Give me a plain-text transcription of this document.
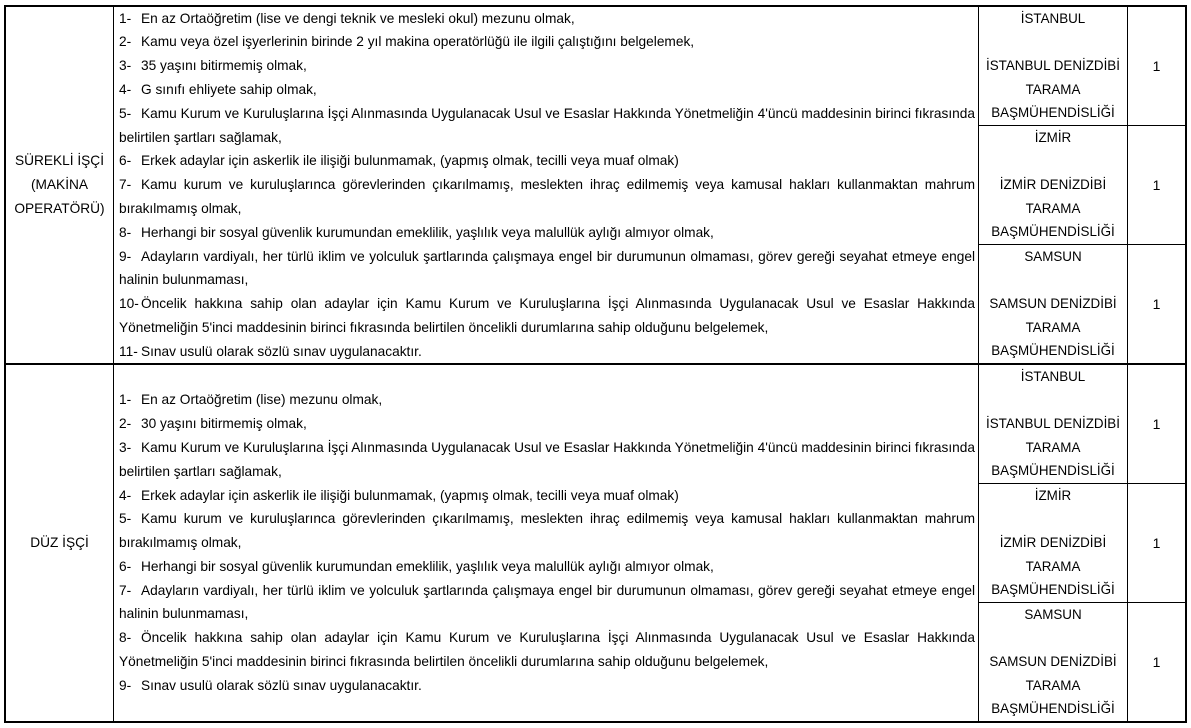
SÜREKLİ İŞÇİ (MAKİNA OPERATÖRÜ)
1- En az Ortaöğretim (lise ve dengi teknik ve mesleki okul) mezunu olmak,
2- Kamu veya özel işyerlerinin birinde 2 yıl makina operatörlüğü ile ilgili çalıştığını belgelemek,
3- 35 yaşını bitirmemiş olmak,
4- G sınıfı ehliyete sahip olmak,
5- Kamu Kurum ve Kuruluşlarına İşçi Alınmasında Uygulanacak Usul ve Esaslar Hakkında Yönetmeliğin 4'üncü maddesinin birinci fıkrasında belirtilen şartları sağlamak,
6- Erkek adaylar için askerlik ile ilişiği bulunmamak, (yapmış olmak, tecilli veya muaf olmak)
7- Kamu kurum ve kuruluşlarınca görevlerinden çıkarılmamış, meslekten ihraç edilmemiş veya kamusal hakları kullanmaktan mahrum bırakılmamış olmak,
8- Herhangi bir sosyal güvenlik kurumundan emeklilik, yaşlılık veya malullük aylığı almıyor olmak,
9- Adayların vardiyalı, her türlü iklim ve yolculuk şartlarında çalışmaya engel bir durumunun olmaması, görev gereği seyahat etmeye engel halinin bulunmaması,
10- Öncelik hakkına sahip olan adaylar için Kamu Kurum ve Kuruluşlarına İşçi Alınmasında Uygulanacak Usul ve Esaslar Hakkında Yönetmeliğin 5'inci maddesinin birinci fıkrasında belirtilen öncelikli durumlarına sahip olduğunu belgelemek,
11- Sınav usulü olarak sözlü sınav uygulanacaktır.
İSTANBUL
İSTANBUL DENİZDİBİ TARAMA BAŞMÜHENDİSLİĞİ
1
İZMİR
İZMİR DENİZDİBİ TARAMA BAŞMÜHENDİSLİĞİ
1
SAMSUN
SAMSUN DENİZDİBİ TARAMA BAŞMÜHENDİSLİĞİ
1
DÜZ İŞÇİ
1- En az Ortaöğretim (lise) mezunu olmak,
2- 30 yaşını bitirmemiş olmak,
3- Kamu Kurum ve Kuruluşlarına İşçi Alınmasında Uygulanacak Usul ve Esaslar Hakkında Yönetmeliğin 4'üncü maddesinin birinci fıkrasında belirtilen şartları sağlamak,
4- Erkek adaylar için askerlik ile ilişiği bulunmamak, (yapmış olmak, tecilli veya muaf olmak)
5- Kamu kurum ve kuruluşlarınca görevlerinden çıkarılmamış, meslekten ihraç edilmemiş veya kamusal hakları kullanmaktan mahrum bırakılmamış olmak,
6- Herhangi bir sosyal güvenlik kurumundan emeklilik, yaşlılık veya malullük aylığı almıyor olmak,
7- Adayların vardiyalı, her türlü iklim ve yolculuk şartlarında çalışmaya engel bir durumunun olmaması, görev gereği seyahat etmeye engel halinin bulunmaması,
8- Öncelik hakkına sahip olan adaylar için Kamu Kurum ve Kuruluşlarına İşçi Alınmasında Uygulanacak Usul ve Esaslar Hakkında Yönetmeliğin 5'inci maddesinin birinci fıkrasında belirtilen öncelikli durumlarına sahip olduğunu belgelemek,
9- Sınav usulü olarak sözlü sınav uygulanacaktır.
İSTANBUL
İSTANBUL DENİZDİBİ TARAMA BAŞMÜHENDİSLİĞİ
1
İZMİR
İZMİR DENİZDİBİ TARAMA BAŞMÜHENDİSLİĞİ
1
SAMSUN
SAMSUN DENİZDİBİ TARAMA BAŞMÜHENDİSLİĞİ
1
